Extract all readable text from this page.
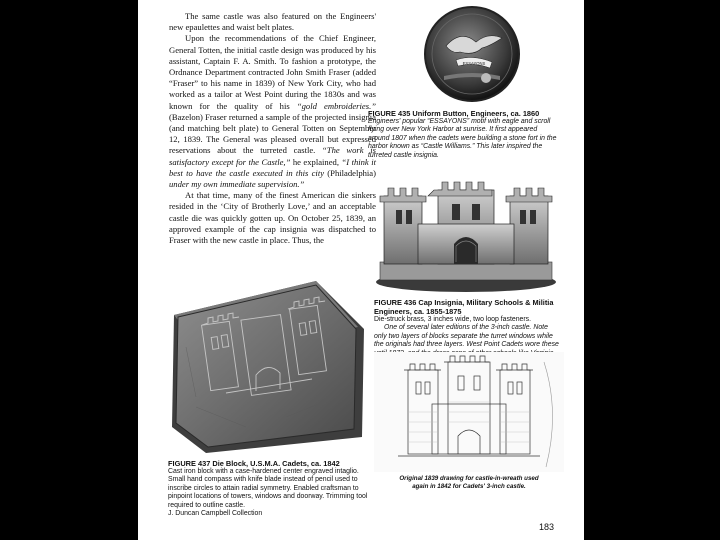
The same castle was also featured on the Engineers' new epaulettes and waist belt plates.

Upon the recommendations of the Chief Engineer, General Totten, the initial castle design was produced by his assistant, Captain F. A. Smith. To fashion a prototype, the Ordnance Department contracted John Smith Fraser (added “Fraser” to his name in 1839) of New York City, who had worked as a tailor at West Point during the 1830s and was known for the quality of his “gold embroideries.” (Bazelon) Fraser returned a sample of the projected insignia (and matching belt plate) to General Totten on September 12, 1839. The General was pleased overall but expressed reservations about the turreted castle. “The work is satisfactory except for the Castle,” he explained, “I think it best to have the castle executed in this city (Philadelphia) under my own immediate supervision.”

At that time, many of the finest American die sinkers resided in the ‘City of Brotherly Love,’ and an acceptable castle die was quickly gotten up. On October 25, 1839, an approved example of the cap insignia was dispatched to Fraser with the new castle in place. Thus, the

ESSAYONS
FIGURE 435 Uniform Button, Engineers, ca. 1860
Engineers' popular “ESSAYONS” motif with eagle and scroll flying over New York Harbor at sunrise. It first appeared around 1807 when the cadets were building a stone fort in the harbor known as “Castle Williams.” This later inspired the turreted castle insignia.
FIGURE 436 Cap Insignia, Military Schools & Militia Engineers, ca. 1855-1875
Die-struck brass, 3 inches wide, two loop fasteners.
One of several later editions of the 3-inch castle. Note only two layers of blocks separate the turret windows while the originals had three layers. West Point Cadets wore these
Original 1839 drawing for castle-in-wreath used again in 1842 for Cadets' 3-inch castle.
FIGURE 437 Die Block, U.S.M.A. Cadets, ca. 1842
Cast iron block with a case-hardened center engraved intaglio. Small hand compass with knife blade instead of pencil used to inscribe circles to attain radial symmetry. Enabled craftsman to pinpoint locations of towers, windows and doorway. Trimming tool required to outline castle.
J. Duncan Campbell Collection
183
